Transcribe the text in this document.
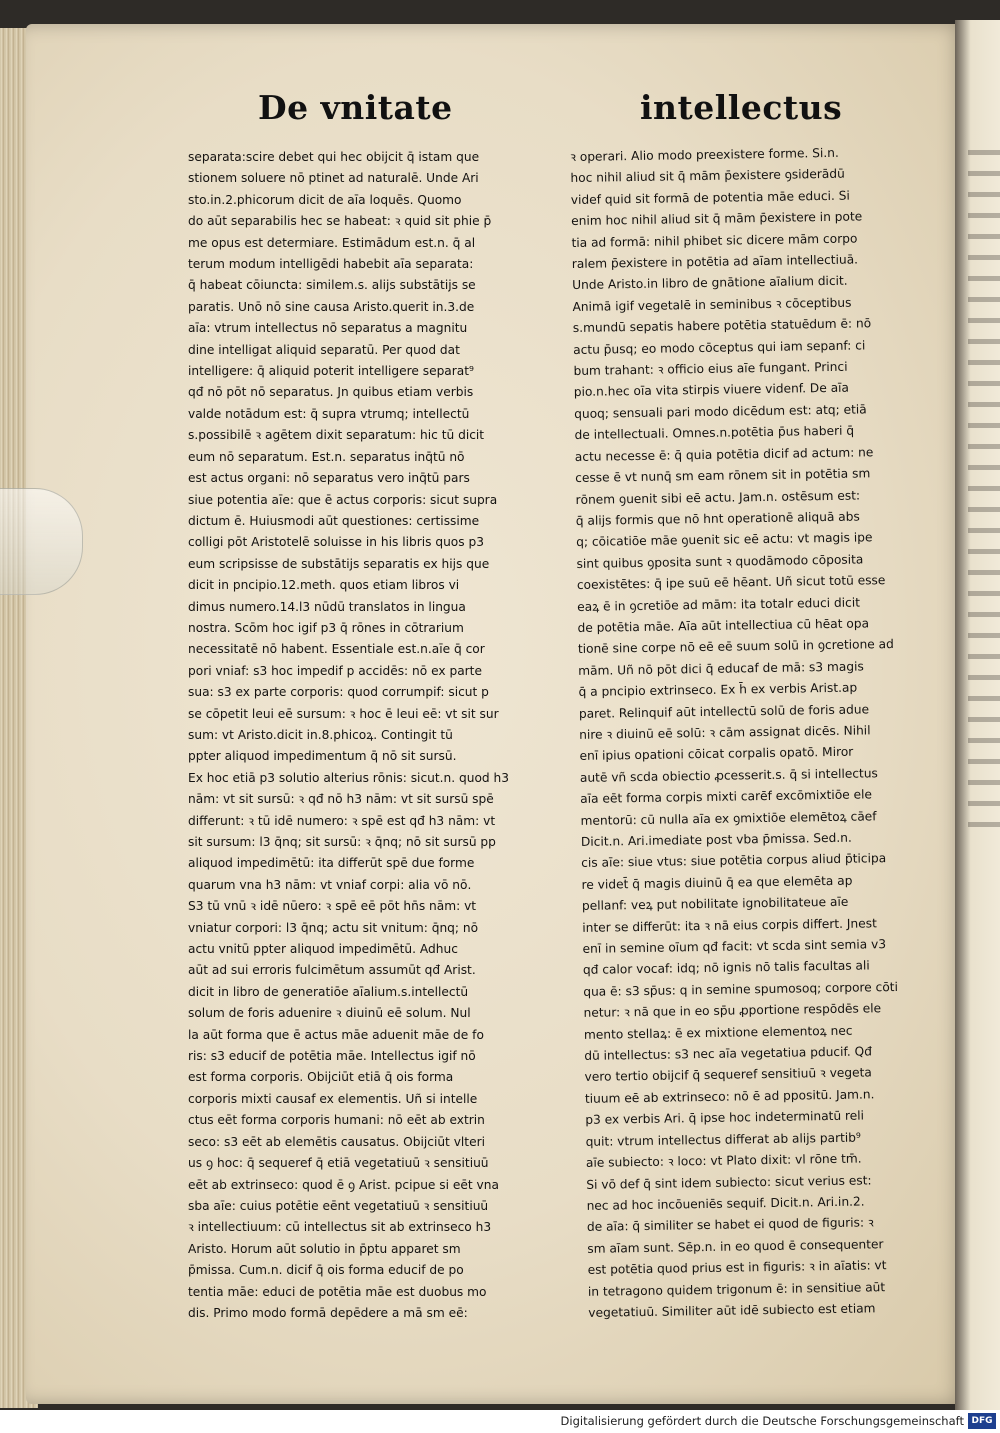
De vnitate	intellectus

separata:scire debet qui hec obijcit q̄ istam que

stionem soluere nō ptinet ad naturalē. Unde Ari

sto.in.2.phicorum dicit de aīa loquēs. Quomo

do aūt separabilis hec se habeat: ꝛ quid sit phie p̄

me opus est determiare. Estimādum est.n. q̄ al

terum modum intelligēdi habebit aīa separata:

q̄ habeat cōiuncta: similem.s. alijs substātijs se

paratis. Unō nō sine causa Aristo.querit in.3.de

aīa: vtrum intellectus nō separatus a magnitu

dine intelligat aliquid separatū. Per quod dat

intelligere: q̄ aliquid poterit intelligere separat⁹

qđ nō pōt nō separatus. Jn quibus etiam verbis

valde notādum est: q̄ supra vtrumq; intellectū

s.possibilē ꝛ agētem dixit separatum: hic tū dicit

eum nō separatum. Est.n. separatus inq̄tū nō

est actus organi: nō separatus vero inq̄tū pars

siue potentia aīe: que ē actus corporis: sicut supra

dictum ē. Huiusmodi aūt questiones: certissime

colligi pōt Aristotelē soluisse in his libris quos p3

eum scripsisse de substātijs separatis ex hijs que

dicit in pncipio.12.meth. quos etiam libros vi

dimus numero.14.l3 nūdū translatos in lingua

nostra. Scōm hoc igif p3 q̄ rōnes in cōtrarium

necessitatē nō habent. Essentiale est.n.aīe q̄ cor

pori vniaf: s3 hoc impedif p accidēs: nō ex parte

sua: s3 ex parte corporis: quod corrumpif: sicut p

se cōpetit leui eē sursum: ꝛ hoc ē leui eē: vt sit sur

sum: vt Aristo.dicit in.8.phicoꝝ. Contingit tū

ppter aliquod impedimentum q̄ nō sit sursū.

Ex hoc etiā p3 solutio alterius rōnis: sicut.n. quod h3

nām: vt sit sursū: ꝛ qđ nō h3 nām: vt sit sursū spē

differunt: ꝛ tū idē numero: ꝛ spē est qđ h3 nām: vt

sit sursum: l3 q̄nq; sit sursū: ꝛ q̄nq; nō sit sursū pp

aliquod impedimētū: ita differūt spē due forme

quarum vna h3 nām: vt vniaf corpi: alia vō nō.

S3 tū vnū ꝛ idē nūero: ꝛ spē eē pōt hn̄s nām: vt

vniatur corpori: l3 q̄nq; actu sit vnitum: q̄nq; nō

actu vnitū ppter aliquod impedimētū. Adhuc

aūt ad sui erroris fulcimētum assumūt qđ Arist.

dicit in libro de generatiōe aīalium.s.intellectū

solum de foris aduenire ꝛ diuinū eē solum. Nul

la aūt forma que ē actus māe aduenit māe de fo

ris: s3 educif de potētia māe. Intellectus igif nō

est forma corporis. Obijciūt etiā q̄ ois forma

corporis mixti causaf ex elementis. Uñ si intelle

ctus eēt forma corporis humani: nō eēt ab extrin

seco: s3 eēt ab elemētis causatus. Obijciūt vlteri

us ꝯ hoc: q̄ sequeref q̄ etiā vegetatiuū ꝛ sensitiuū

eēt ab extrinseco: quod ē ꝯ Arist. pcipue si eēt vna

sba aīe: cuius potētie eēnt vegetatiuū ꝛ sensitiuū

ꝛ intellectiuum: cū intellectus sit ab extrinseco h3

Aristo. Horum aūt solutio in p̄ptu apparet sm

p̄missa. Cum.n. dicif q̄ ois forma educif de po

tentia māe: educi de potētia māe est duobus mo

dis. Primo modo formā depēdere a mā sm eē:

ꝛ operari. Alio modo preexistere forme. Si.n.

hoc nihil aliud sit q̄ mām p̄existere ꝯsiderādū

videf quid sit formā de potentia māe educi. Si

enim hoc nihil aliud sit q̄ mām p̄existere in pote

tia ad formā: nihil phibet sic dicere mām corpo

ralem p̄existere in potētia ad aīam intellectiuā.

Unde Aristo.in libro de gnātione aīalium dicit.

Animā igif vegetalē in seminibus ꝛ cōceptibus

s.mundū sepatis habere potētia statuēdum ē: nō

actu p̄usq; eo modo cōceptus qui iam sepanf: ci

bum trahant: ꝛ officio eius aīe fungant. Princi

pio.n.hec oīa vita stirpis viuere videnf. De aīa

quoq; sensuali pari modo dicēdum est: atq; etiā

de intellectuali. Omnes.n.potētia p̄us haberi q̄

actu necesse ē: q̄ quia potētia dicif ad actum: ne

cesse ē vt nunq̄ sm eam rōnem sit in potētia sm

rōnem ꝯuenit sibi eē actu. Jam.n. ostēsum est:

q̄ alijs formis que nō hnt operationē aliquā abs

q; cōicatiōe māe ꝯuenit sic eē actu: vt magis ipe

sint quibus ꝯposita sunt ꝛ quodāmodo cōposita

coexistētes: q̄ ipe suū eē hēant. Uñ sicut totū esse

eaꝝ ē in ꝯcretiōe ad mām: ita totalr educi dicit

de potētia māe. Aīa aūt intellectiua cū hēat opa

tionē sine corpe nō eē eē suum solū in ꝯcretione ad

mām. Uñ nō pōt dici q̄ educaf de mā: s3 magis

q̄ a pncipio extrinseco. Ex h̄ ex verbis Arist.ap

paret. Relinquif aūt intellectū solū de foris adue

nire ꝛ diuinū eē solū: ꝛ cām assignat dicēs. Nihil

enī ipius opationi cōicat corpalis opatō. Miror

autē vñ scda obiectio ꝓcesserit.s. q̄ si intellectus

aīa eēt forma corpis mixti carēf excōmixtiōe ele

mentorū: cū nulla aīa ex ꝯmixtiōe elemētoꝝ cāef

Dicit.n. Ari.imediate post vba p̄missa. Sed.n.

cis aīe: siue vtus: siue potētia corpus aliud p̄ticipa

re videt̄ q̄ magis diuinū q̄ ea que elemēta ap

pellanf: veꝝ put nobilitate ignobilitateue aīe

inter se differūt: ita ꝛ nā eius corpis differt. Jnest

enī in semine oīum qđ facit: vt scda sint semia v3

qđ calor vocaf: idq; nō ignis nō talis facultas ali

qua ē: s3 sp̄us: q in semine spumosoq; corpore cōti

netur: ꝛ nā que in eo sp̄u ꝓportione respōdēs ele

mento stellaꝝ: ē ex mixtione elementoꝝ nec

dū intellectus: s3 nec aīa vegetatiua pducif. Qđ

vero tertio obijcif q̄ sequeref sensitiuū ꝛ vegeta

tiuum eē ab extrinseco: nō ē ad ppositū. Jam.n.

p3 ex verbis Ari. q̄ ipse hoc indeterminatū reli

quit: vtrum intellectus differat ab alijs partib⁹

aīe subiecto: ꝛ loco: vt Plato dixit: vl rōne tm̄.

Si vō def q̄ sint idem subiecto: sicut verius est:

nec ad hoc incōueniēs sequif. Dicit.n. Ari.in.2.

de aīa: q̄ similiter se habet ei quod de figuris: ꝛ

sm aīam sunt. Sēp.n. in eo quod ē consequenter

est potētia quod prius est in figuris: ꝛ in aīatis: vt

in tetragono quidem trigonum ē: in sensitiue aūt

vegetatiuū. Similiter aūt idē subiecto est etiam

Digitalisierung gefördert durch die Deutsche Forschungsgemeinschaft DFG
